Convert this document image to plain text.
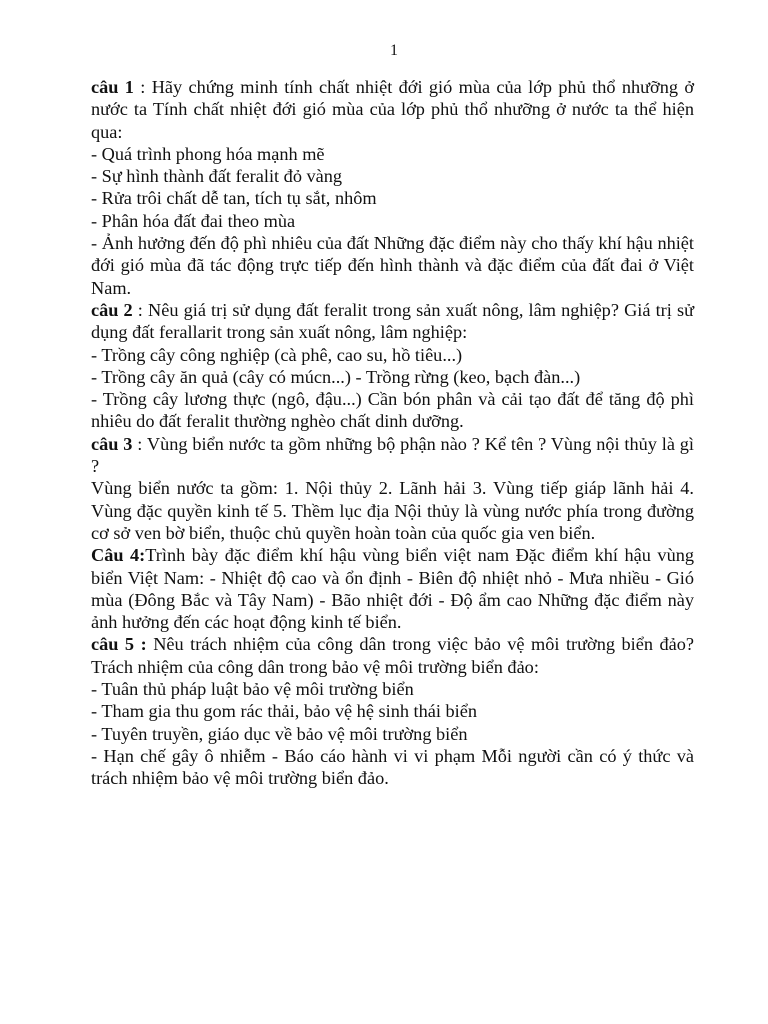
1

câu 1 : Hãy chứng minh tính chất nhiệt đới gió mùa của lớp phủ thổ nhưỡng ở nước ta Tính chất nhiệt đới gió mùa của lớp phủ thổ nhưỡng ở nước ta thể hiện qua:

- Quá trình phong hóa mạnh mẽ

- Sự hình thành đất feralit đỏ vàng

- Rửa trôi chất dễ tan, tích tụ sắt, nhôm

- Phân hóa đất đai theo mùa

- Ảnh hưởng đến độ phì nhiêu của đất Những đặc điểm này cho thấy khí hậu nhiệt đới gió mùa đã tác động trực tiếp đến hình thành và đặc điểm của đất đai ở Việt Nam.

câu 2 : Nêu giá trị sử dụng đất feralit trong sản xuất nông, lâm nghiệp? Giá trị sử dụng đất ferallarit trong sản xuất nông, lâm nghiệp:

- Trồng cây công nghiệp (cà phê, cao su, hồ tiêu...)

- Trồng cây ăn quả (cây có múcn...) - Trồng rừng (keo, bạch đàn...)

- Trồng cây lương thực (ngô, đậu...) Cần bón phân và cải tạo đất để tăng độ phì nhiêu do đất feralit thường nghèo chất dinh dưỡng.

câu 3 : Vùng biển nước ta gồm những bộ phận nào ? Kể tên ? Vùng nội thủy là gì ?

Vùng biển nước ta gồm: 1. Nội thủy 2. Lãnh hải 3. Vùng tiếp giáp lãnh hải 4. Vùng đặc quyền kinh tế 5. Thềm lục địa Nội thủy là vùng nước phía trong đường cơ sở ven bờ biển, thuộc chủ quyền hoàn toàn của quốc gia ven biển.

Câu 4:Trình bày đặc điểm khí hậu vùng biển việt nam Đặc điểm khí hậu vùng biển Việt Nam: - Nhiệt độ cao và ổn định - Biên độ nhiệt nhỏ - Mưa nhiều - Gió mùa (Đông Bắc và Tây Nam) - Bão nhiệt đới - Độ ẩm cao Những đặc điểm này ảnh hưởng đến các hoạt động kinh tế biển.

câu 5 : Nêu trách nhiệm của công dân trong việc bảo vệ môi trường biển đảo? Trách nhiệm của công dân trong bảo vệ môi trường biển đảo:

- Tuân thủ pháp luật bảo vệ môi trường biển

- Tham gia thu gom rác thải, bảo vệ hệ sinh thái biển

- Tuyên truyền, giáo dục về bảo vệ môi trường biển

- Hạn chế gây ô nhiễm - Báo cáo hành vi vi phạm Mỗi người cần có ý thức và trách nhiệm bảo vệ môi trường biển đảo.
